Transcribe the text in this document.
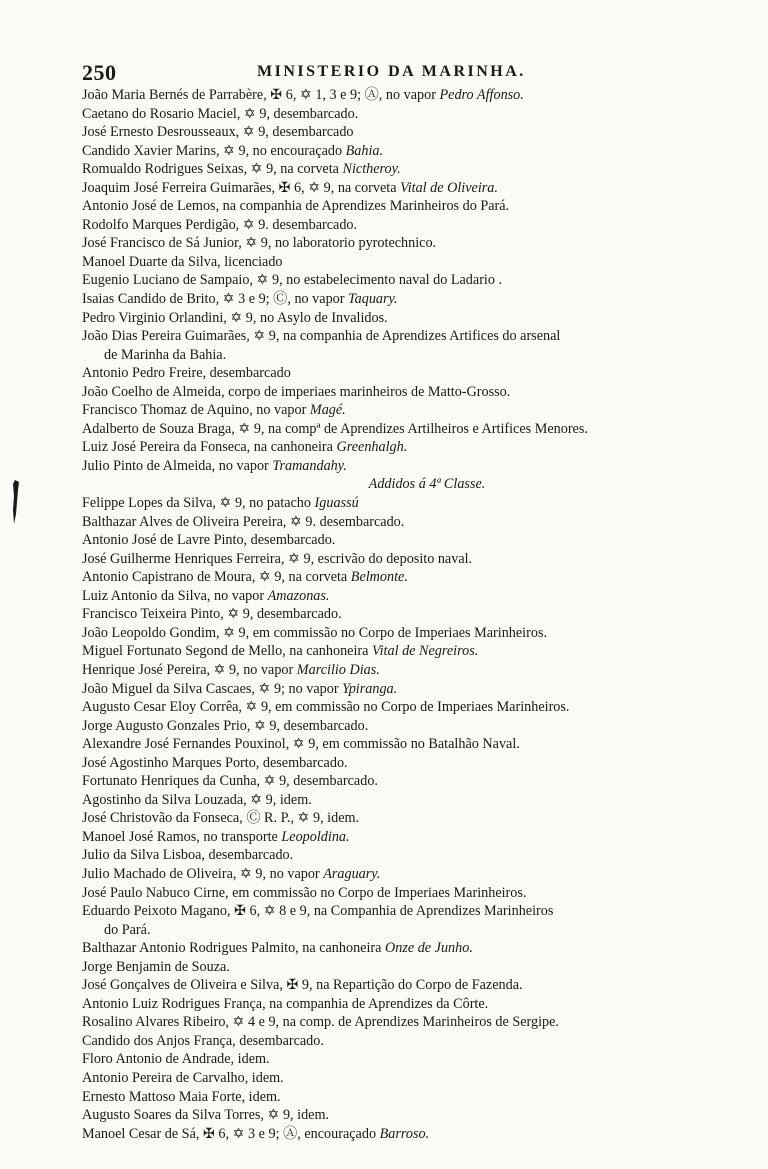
250	MINISTERIO DA MARINHA.
João Maria Bernés de Parrabère, ✠ 6, ✡ 1, 3 e 9; Ⓐ, no vapor Pedro Affonso.
Caetano do Rosario Maciel, ✡ 9, desembarcado.
José Ernesto Desrousseaux, ✡ 9, desembarcado
Candido Xavier Marins, ✡ 9, no encouraçado Bahia.
Romualdo Rodrigues Seixas, ✡ 9, na corveta Nictheroy.
Joaquim José Ferreira Guimarães, ✠ 6, ✡ 9, na corveta Vital de Oliveira.
Antonio José de Lemos, na companhia de Aprendizes Marinheiros do Pará.
Rodolfo Marques Perdigão, ✡ 9. desembarcado.
José Francisco de Sá Junior, ✡ 9, no laboratorio pyrotechnico.
Manoel Duarte da Silva, licenciado
Eugenio Luciano de Sampaio, ✡ 9, no estabelecimento naval do Ladario .
Isaias Candido de Brito, ✡ 3 e 9; Ⓒ, no vapor Taquary.
Pedro Virginio Orlandini, ✡ 9, no Asylo de Invalidos.
João Dias Pereira Guimarães, ✡ 9, na companhia de Aprendizes Artifices do arsenal
de Marinha da Bahia.
Antonio Pedro Freire, desembarcado
João Coelho de Almeida, corpo de imperiaes marinheiros de Matto-Grosso.
Francisco Thomaz de Aquino, no vapor Magé.
Adalberto de Souza Braga, ✡ 9, na compª de Aprendizes Artilheiros e Artifices Menores.
Luiz José Pereira da Fonseca, na canhoneira Greenhalgh.
Julio Pinto de Almeida, no vapor Tramandahy.
Addidos á 4ª Classe.
Felippe Lopes da Silva, ✡ 9, no patacho Iguassú
Balthazar Alves de Oliveira Pereira, ✡ 9. desembarcado.
Antonio José de Lavre Pinto, desembarcado.
José Guilherme Henriques Ferreira, ✡ 9, escrivão do deposito naval.
Antonio Capistrano de Moura, ✡ 9, na corveta Belmonte.
Luiz Antonio da Silva, no vapor Amazonas.
Francisco Teixeira Pinto, ✡ 9, desembarcado.
João Leopoldo Gondim, ✡ 9, em commissão no Corpo de Imperiaes Marinheiros.
Miguel Fortunato Segond de Mello, na canhoneira Vital de Negreiros.
Henrique José Pereira, ✡ 9, no vapor Marcilio Dias.
João Miguel da Silva Cascaes, ✡ 9; no vapor Ypiranga.
Augusto Cesar Eloy Corrêa, ✡ 9, em commissão no Corpo de Imperiaes Marinheiros.
Jorge Augusto Gonzales Prio, ✡ 9, desembarcado.
Alexandre José Fernandes Pouxinol, ✡ 9, em commissão no Batalhão Naval.
José Agostinho Marques Porto, desembarcado.
Fortunato Henriques da Cunha, ✡ 9, desembarcado.
Agostinho da Silva Louzada, ✡ 9, idem.
José Christovão da Fonseca, Ⓒ R. P., ✡ 9, idem.
Manoel José Ramos, no transporte Leopoldina.
Julio da Silva Lisboa, desembarcado.
Julio Machado de Oliveira, ✡ 9, no vapor Araguary.
José Paulo Nabuco Cirne, em commissão no Corpo de Imperiaes Marinheiros.
Eduardo Peixoto Magano, ✠ 6, ✡ 8 e 9, na Companhia de Aprendizes Marinheiros
do Pará.
Balthazar Antonio Rodrigues Palmito, na canhoneira Onze de Junho.
Jorge Benjamin de Souza.
José Gonçalves de Oliveira e Silva, ✠ 9, na Repartição do Corpo de Fazenda.
Antonio Luiz Rodrigues França, na companhia de Aprendizes da Côrte.
Rosalino Alvares Ribeiro, ✡ 4 e 9, na comp. de Aprendizes Marinheiros de Sergipe.
Candido dos Anjos França, desembarcado.
Floro Antonio de Andrade, idem.
Antonio Pereira de Carvalho, idem.
Ernesto Mattoso Maia Forte, idem.
Augusto Soares da Silva Torres, ✡ 9, idem.
Manoel Cesar de Sá, ✠ 6, ✡ 3 e 9; Ⓐ, encouraçado Barroso.
